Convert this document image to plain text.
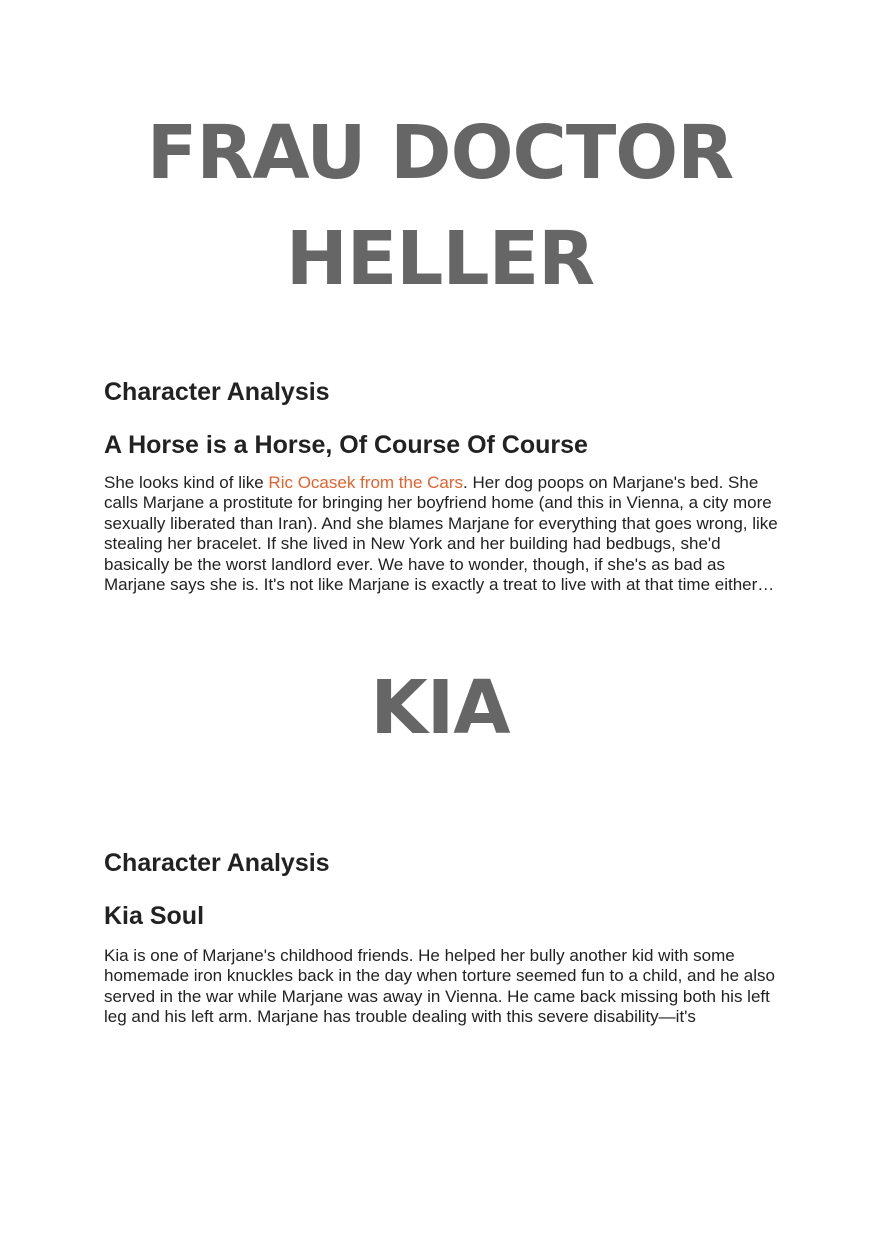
FRAU DOCTOR
HELLER
Character Analysis
A Horse is a Horse, Of Course Of Course

She looks kind of like Ric Ocasek from the Cars. Her dog poops on Marjane's bed. She calls Marjane a prostitute for bringing her boyfriend home (and this in Vienna, a city more sexually liberated than Iran). And she blames Marjane for everything that goes wrong, like stealing her bracelet. If she lived in New York and her building had bedbugs, she'd basically be the worst landlord ever. We have to wonder, though, if she's as bad as Marjane says she is. It's not like Marjane is exactly a treat to live with at that time either…

KIA
Character Analysis
Kia Soul

Kia is one of Marjane's childhood friends. He helped her bully another kid with some homemade iron knuckles back in the day when torture seemed fun to a child, and he also served in the war while Marjane was away in Vienna. He came back missing both his left leg and his left arm. Marjane has trouble dealing with this severe disability—it's
